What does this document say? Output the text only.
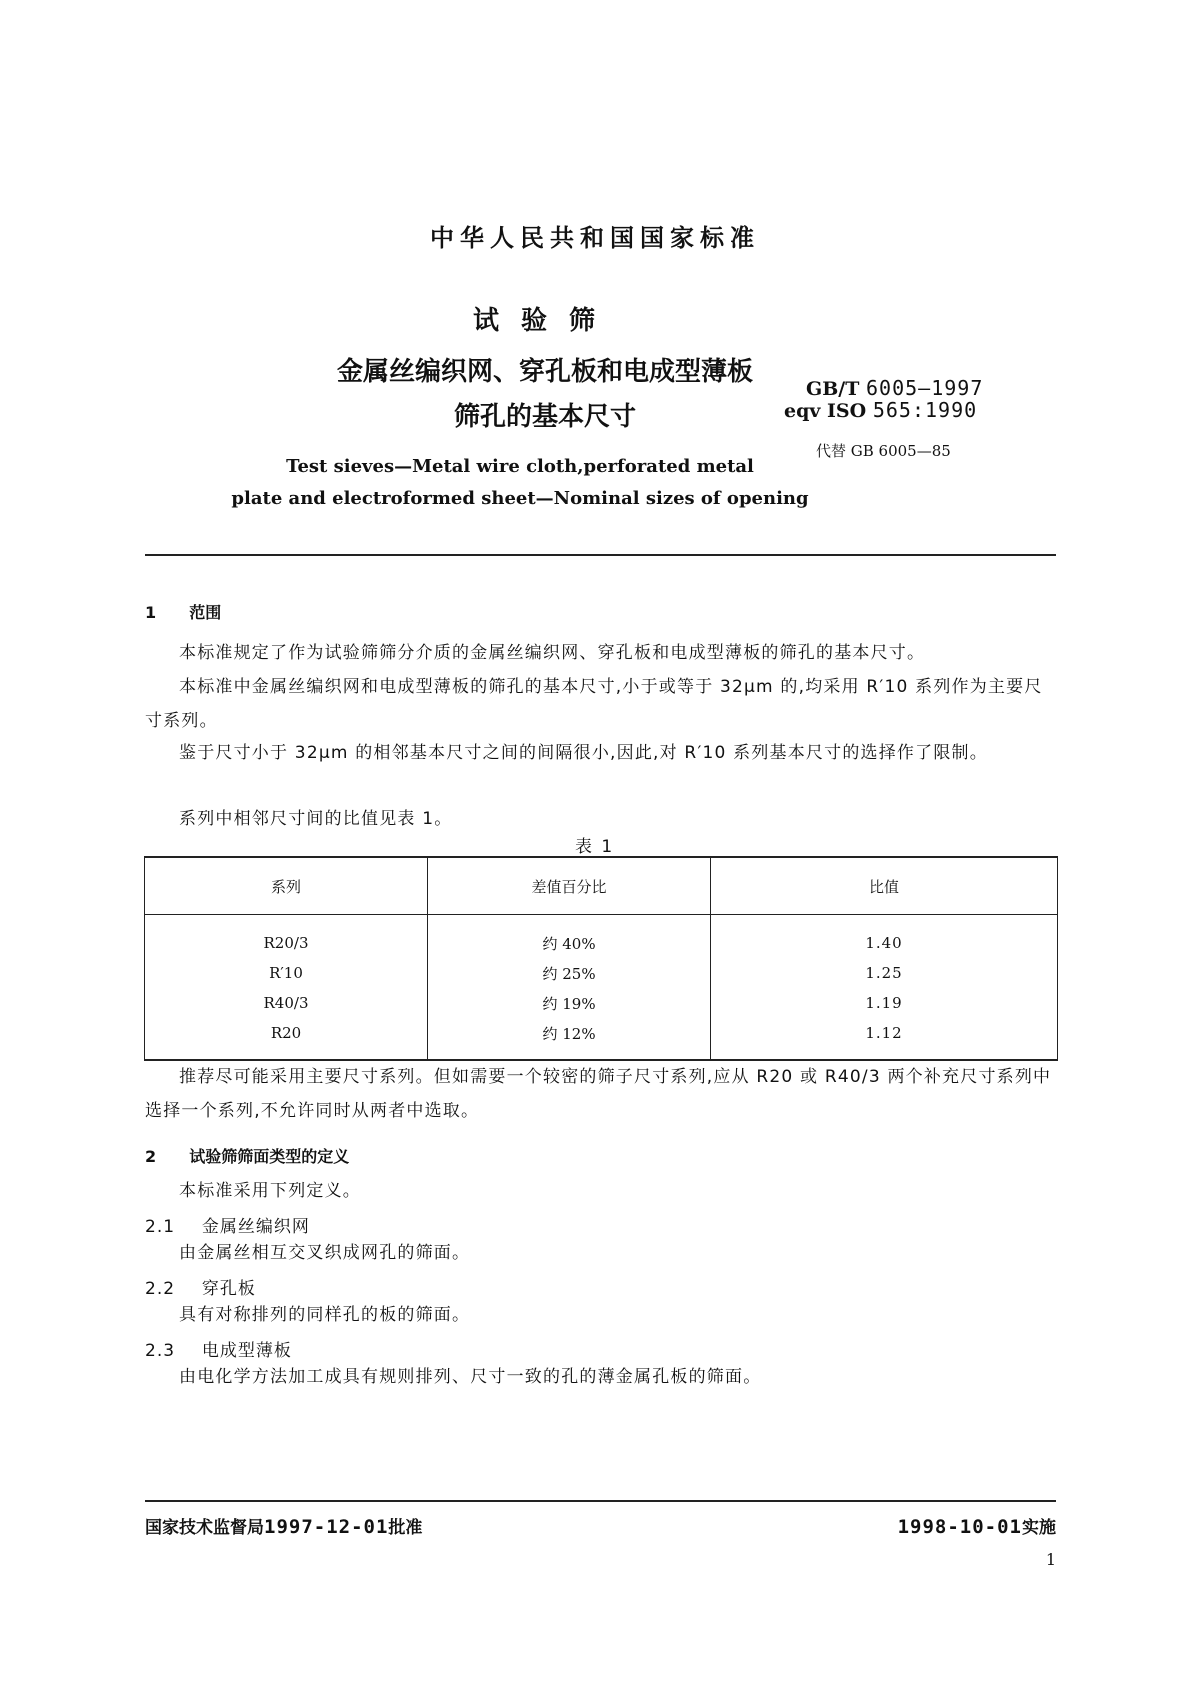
中华人民共和国国家标准
试验筛
金属丝编织网、穿孔板和电成型薄板
筛孔的基本尺寸
Test sieves—Metal wire cloth,perforated metal
plate and electroformed sheet—Nominal sizes of opening
GB/T 6005—1997
eqv ISO 565:1990
代替 GB 6005—85
1 范围
本标准规定了作为试验筛筛分介质的金属丝编织网、穿孔板和电成型薄板的筛孔的基本尺寸。
本标准中金属丝编织网和电成型薄板的筛孔的基本尺寸,小于或等于 32μm 的,均采用 R′10 系列作为主要尺寸系列。
鉴于尺寸小于 32μm 的相邻基本尺寸之间的间隔很小,因此,对 R′10 系列基本尺寸的选择作了限制。
系列中相邻尺寸间的比值见表 1。
表 1
系列	差值百分比	比值
R20/3	约 40%	1.40
R′10	约 25%	1.25
R40/3	约 19%	1.19
R20	约 12%	1.12
推荐尽可能采用主要尺寸系列。但如需要一个较密的筛子尺寸系列,应从 R20 或 R40/3 两个补充尺寸系列中选择一个系列,不允许同时从两者中选取。
2 试验筛筛面类型的定义
本标准采用下列定义。
2.1 金属丝编织网
由金属丝相互交叉织成网孔的筛面。
2.2 穿孔板
具有对称排列的同样孔的板的筛面。
2.3 电成型薄板
由电化学方法加工成具有规则排列、尺寸一致的孔的薄金属孔板的筛面。
国家技术监督局1997-12-01批准	1998-10-01实施
1
